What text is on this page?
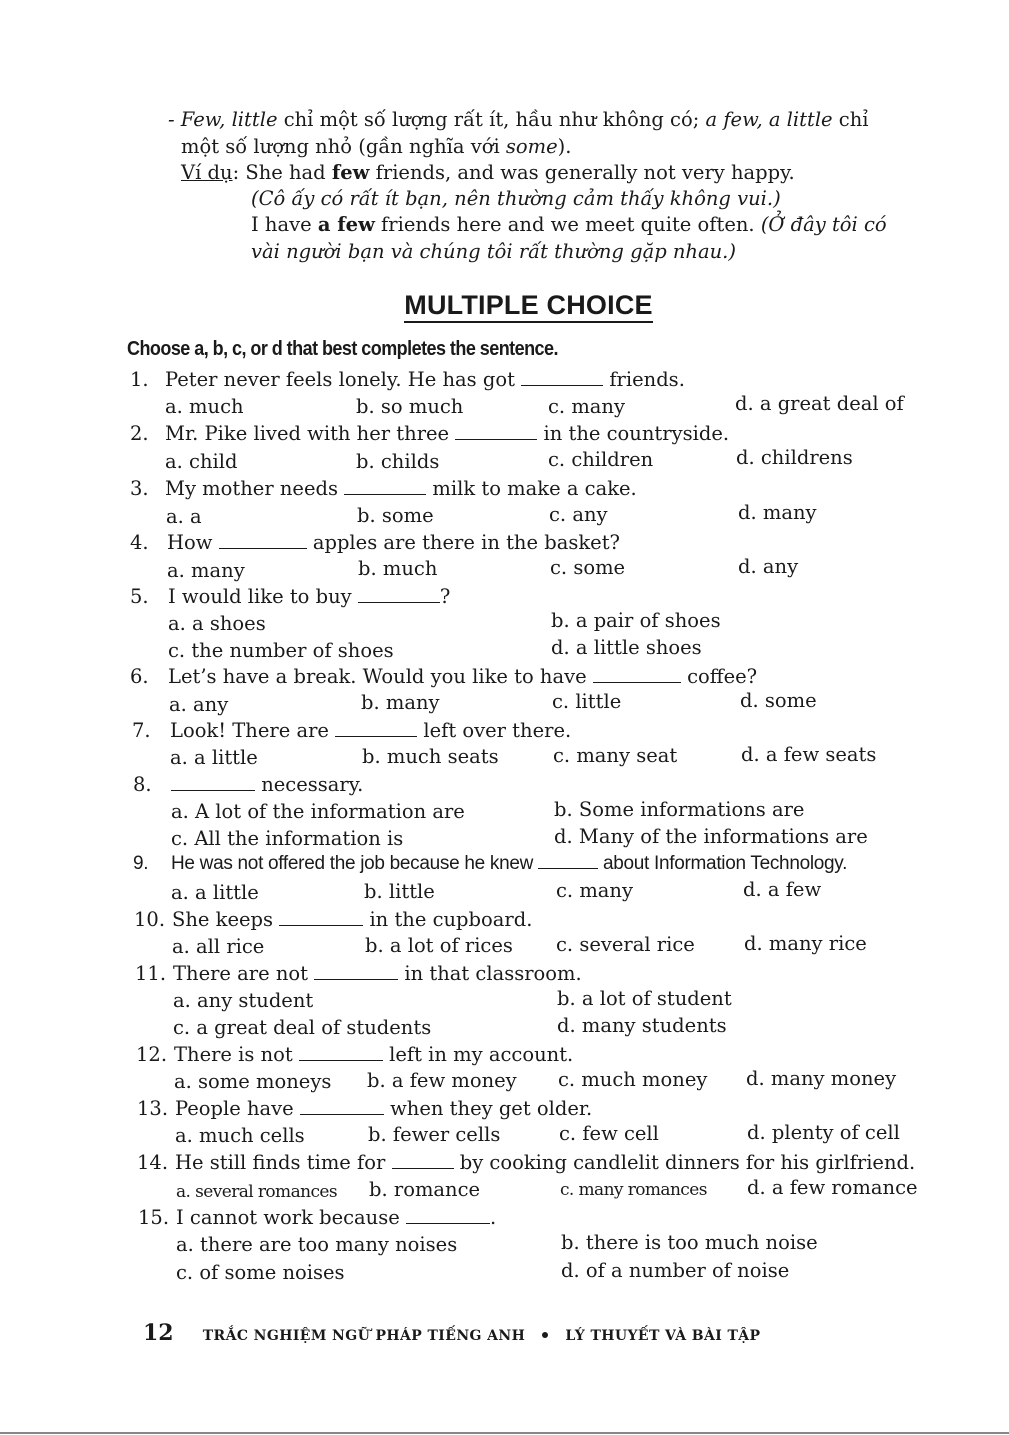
- Few, little chỉ một số lượng rất ít, hầu như không có; a few, a little chỉ
một số lượng nhỏ (gần nghĩa với some).
Ví dụ: She had few friends, and was generally not very happy.
(Cô ấy có rất ít bạn, nên thường cảm thấy không vui.)
I have a few friends here and we meet quite often. (Ở đây tôi có
vài người bạn và chúng tôi rất thường gặp nhau.)
MULTIPLE CHOICE
Choose a, b, c, or d that best completes the sentence.
1. Peter never feels lonely. He has got	friends.
a. much	b. so much	c. many	d. a great deal of
2. Mr. Pike lived with her three	in the countryside.
a. child	b. childs	c. children	d. childrens
3. My mother needs	milk to make a cake.
a. a	b. some	c. any	d. many
4. How	apples are there in the basket?
a. many	b. much	c. some	d. any
5. I would like to buy	?
a. a shoes	b. a pair of shoes
c. the number of shoes	d. a little shoes
6. Let’s have a break. Would you like to have	coffee?
a. any	b. many	c. little	d. some
7. Look! There are	left over there.
a. a little	b. much seats	c. many seat	d. a few seats
8.	necessary.
a. A lot of the information are	b. Some informations are
c. All the information is	d. Many of the informations are
9. He was not offered the job because he knew	about Information Technology.
a. a little	b. little	c. many	d. a few
10. She keeps	in the cupboard.
a. all rice	b. a lot of rices c. several rice	d. many rice
11. There are not	in that classroom.
a. any student	b. a lot of student
c. a great deal of students	d. many students
12. There is not	left in my account.
a. some moneys b. a few money c. much money d. many money
13. People have	when they get older.
a. much cells	b. fewer cells	c. few cell	d. plenty of cell
14. He still finds time for	by cooking candlelit dinners for his girlfriend.
a. several romances b. romance	c. many romances d. a few romance
15. I cannot work because	.
a. there are too many noises	b. there is too much noise
c. of some noises	d. of a number of noise
12 TRẮC NGHIỆM NGỮ PHÁP TIẾNG ANH	LÝ THUYẾT VÀ BÀI TẬP
